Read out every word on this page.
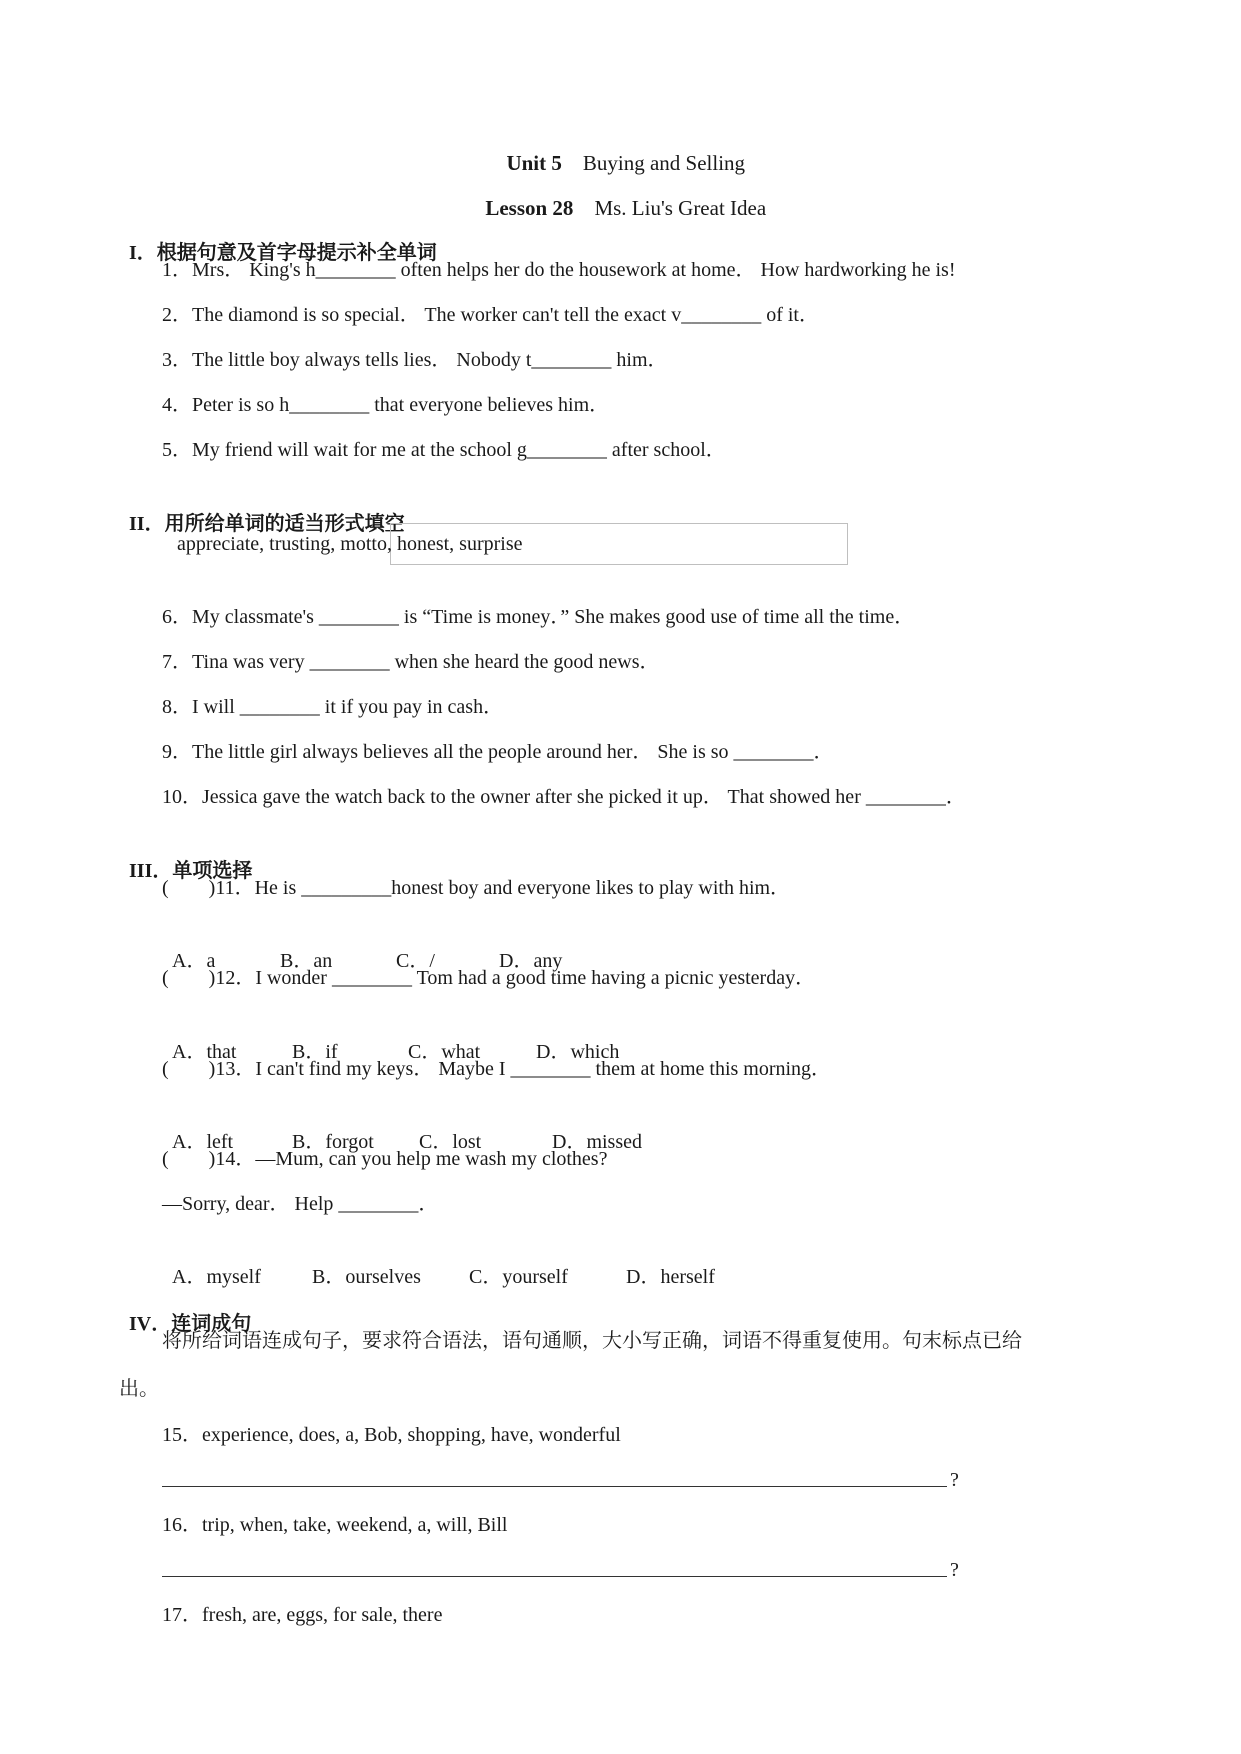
Unit 5  Buying and Selling

Lesson 28  Ms. Liu's Great Idea

I．根据句意及首字母提示补全单词

1．Mrs． King's h________ often helps her do the housework at home． How hardworking he is!
2．The diamond is so special． The worker can't tell the exact v________ of it．
3．The little boy always tells lies． Nobody t________ him．
4．Peter is so h________ that everyone believes him．
5．My friend will wait for me at the school g________ after school．

II．用所给单词的适当形式填空

appreciate, trusting, motto, honest, surprise
6．My classmate's ________ is “Time is money．” She makes good use of time all the time．
7．Tina was very ________ when she heard the good news．
8．I will ________ it if you pay in cash．
9．The little girl always believes all the people around her． She is so ________．
10．Jessica gave the watch back to the owner after she picked it up． That showed her ________．

III．单项选择

(　　)11．He is _________honest boy and everyone likes to play with him．

A．a	B．an	C．/	D．any

(　　)12．I wonder ________ Tom had a good time having a picnic yesterday．

A．that	B．if	C．what	D．which

(　　)13．I can't find my keys． Maybe I ________ them at home this morning．

A．left	B．forgot C．lost	D．missed

(　　)14．—Mum, can you help me wash my clothes?
—Sorry, dear． Help ________．

A．myself	B．ourselves C．yourself	D．herself

IV．连词成句

将所给词语连成句子，要求符合语法，语句通顺，大小写正确，词语不得重复使用。句末标点已给
出。
15．experience, does, a, Bob, shopping, have, wonderful
?
16．trip, when, take, weekend, a, will, Bill
?
17．fresh, are, eggs, for sale, there
